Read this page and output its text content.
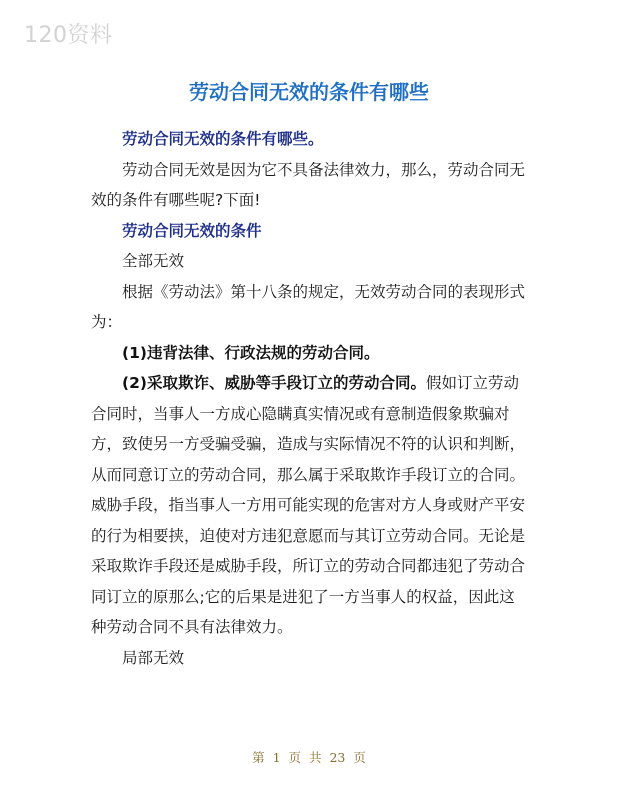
120资料
劳动合同无效的条件有哪些

劳动合同无效的条件有哪些。

劳动合同无效是因为它不具备法律效力，那么，劳动合同无效的条件有哪些呢?下面!

劳动合同无效的条件

全部无效

根据《劳动法》第十八条的规定，无效劳动合同的表现形式为：

(1)违背法律、行政法规的劳动合同。

(2)采取欺诈、威胁等手段订立的劳动合同。假如订立劳动合同时，当事人一方成心隐瞒真实情况或有意制造假象欺骗对方，致使另一方受骗受骗，造成与实际情况不符的认识和判断，从而同意订立的劳动合同，那么属于采取欺诈手段订立的合同。威胁手段，指当事人一方用可能实现的危害对方人身或财产平安的行为相要挟，迫使对方违犯意愿而与其订立劳动合同。无论是采取欺诈手段还是威胁手段，所订立的劳动合同都违犯了劳动合同订立的原那么;它的后果是进犯了一方当事人的权益，因此这种劳动合同不具有法律效力。

局部无效

第 1 页 共 23 页
